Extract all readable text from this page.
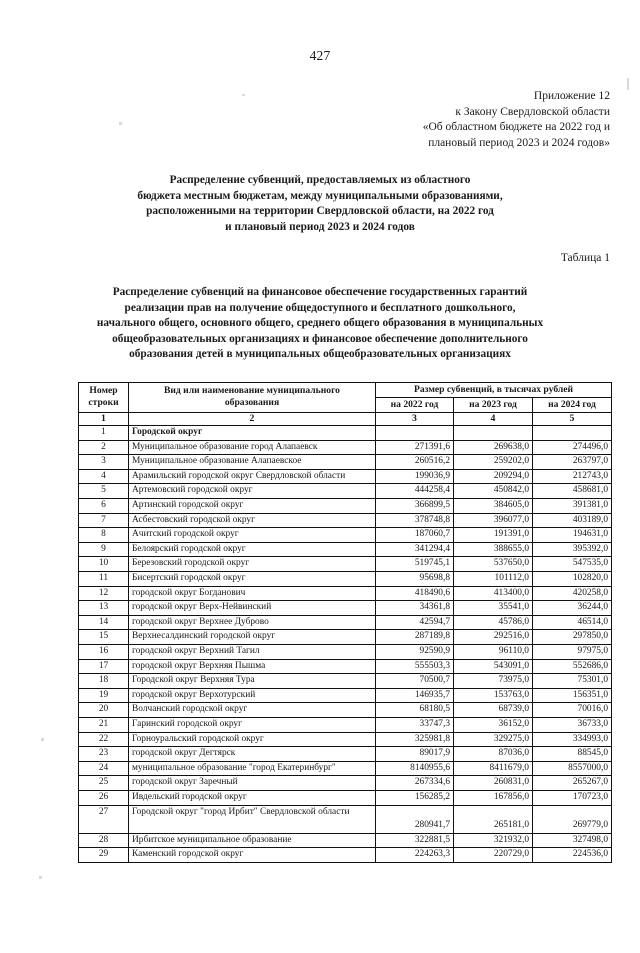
427
Приложение 12
к Закону Свердловской области
«Об областном бюджете на 2022 год и
плановый период 2023 и 2024 годов»
Распределение субвенций, предоставляемых из областного
бюджета местным бюджетам, между муниципальными образованиями,
расположенными на территории Свердловской области, на 2022 год
и плановый период 2023 и 2024 годов
Таблица 1
Распределение субвенций на финансовое обеспечение государственных гарантий
реализации прав на получение общедоступного и бесплатного дошкольного,
начального общего, основного общего, среднего общего образования в муниципальных
общеобразовательных организациях и финансовое обеспечение дополнительного
образования детей в муниципальных общеобразовательных организациях
Номер
строки	Вид или наименование муниципального
образования	Размер субвенций, в тысячах рублей		
		на 2022 год	на 2023 год	на 2024 год
1	2	3	4	5
1	Городской округ			
2	Муниципальное образование город Алапаевск	271391,6	269638,0	274496,0
3	Муниципальное образование Алапаевское	260516,2	259202,0	263797,0
4	Арамильский городской округ Свердловской области	199036,9	209294,0	212743,0
5	Артемовский городской округ	444258,4	450842,0	458681,0
6	Артинский городской округ	366899,5	384605,0	391381,0
7	Асбестовский городской округ	378748,8	396077,0	403189,0
8	Ачитский городской округ	187060,7	191391,0	194631,0
9	Белоярский городской округ	341294,4	388655,0	395392,0
10	Березовский городской округ	519745,1	537650,0	547535,0
11	Бисертский городской округ	95698,8	101112,0	102820,0
12	городской округ Богданович	418490,6	413400,0	420258,0
13	городской округ Верх-Нейвинский	34361,8	35541,0	36244,0
14	городской округ Верхнее Дуброво	42594,7	45786,0	46514,0
15	Верхнесалдинский городской округ	287189,8	292516,0	297850,0
16	городской округ Верхний Тагил	92590,9	96110,0	97975,0
17	городской округ Верхняя Пышма	555503,3	543091,0	552686,0
18	Городской округ Верхняя Тура	70500,7	73975,0	75301,0
19	городской округ Верхотурский	146935,7	153763,0	156351,0
20	Волчанский городской округ	68180,5	68739,0	70016,0
21	Гаринский городской округ	33747,3	36152,0	36733,0
22	Горноуральский городской округ	325981,8	329275,0	334993,0
23	городской округ Дегтярск	89017,9	87036,0	88545,0
24	муниципальное образование "город Екатеринбург"	8140955,6	8411679,0	8557000,0
25	городской округ Заречный	267334,6	260831,0	265267,0
26	Ивдельский городской округ	156285,2	167856,0	170723,0
27	Городской округ "город Ирбит" Свердловской области	280941,7	265181,0	269779,0
28	Ирбитское муниципальное образование	322881,5	321932,0	327498,0
29	Каменский городской округ	224263,3	220729,0	224536,0
